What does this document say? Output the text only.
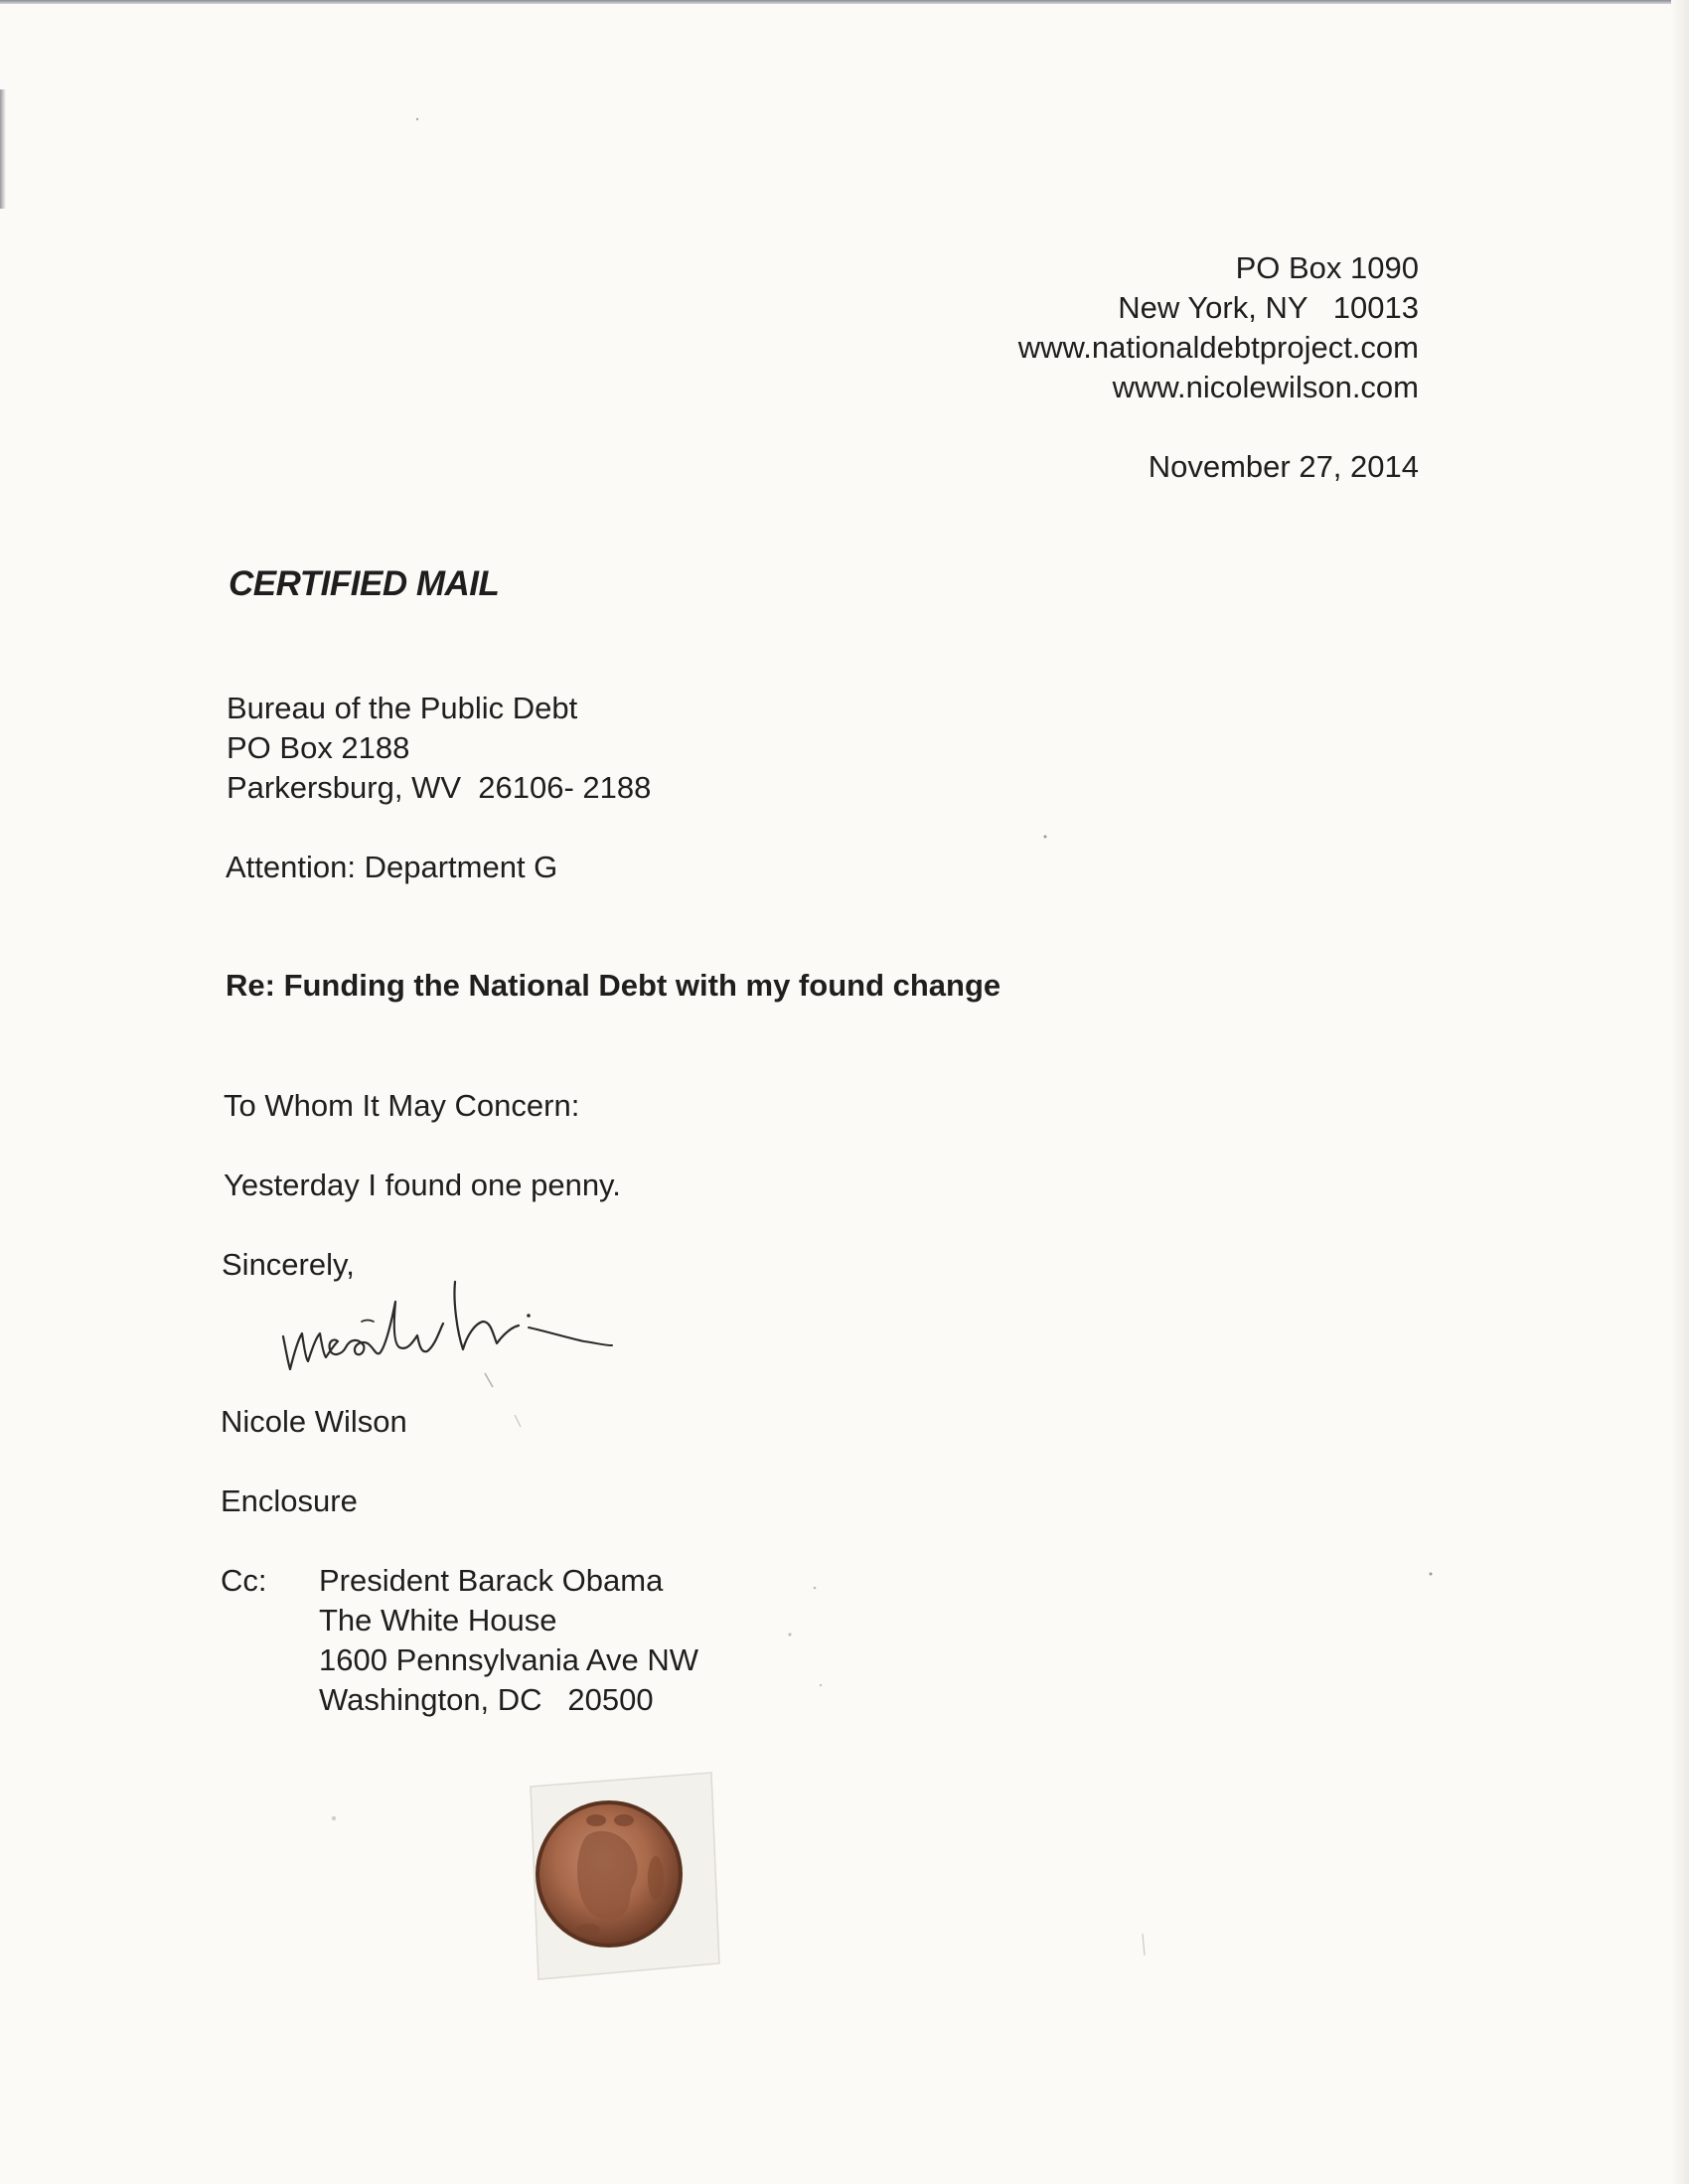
PO Box 1090
New York, NY   10013
www.nationaldebtproject.com
www.nicolewilson.com
November 27, 2014
CERTIFIED MAIL
Bureau of the Public Debt
PO Box 2188
Parkersburg, WV  26106- 2188

Attention: Department G

Re: Funding the National Debt with my found change

To Whom It May Concern:

Yesterday I found one penny.

Sincerely,

Nicole Wilson

Enclosure

Cc: President Barack Obama
The White House
1600 Pennsylvania Ave NW
Washington, DC   20500
